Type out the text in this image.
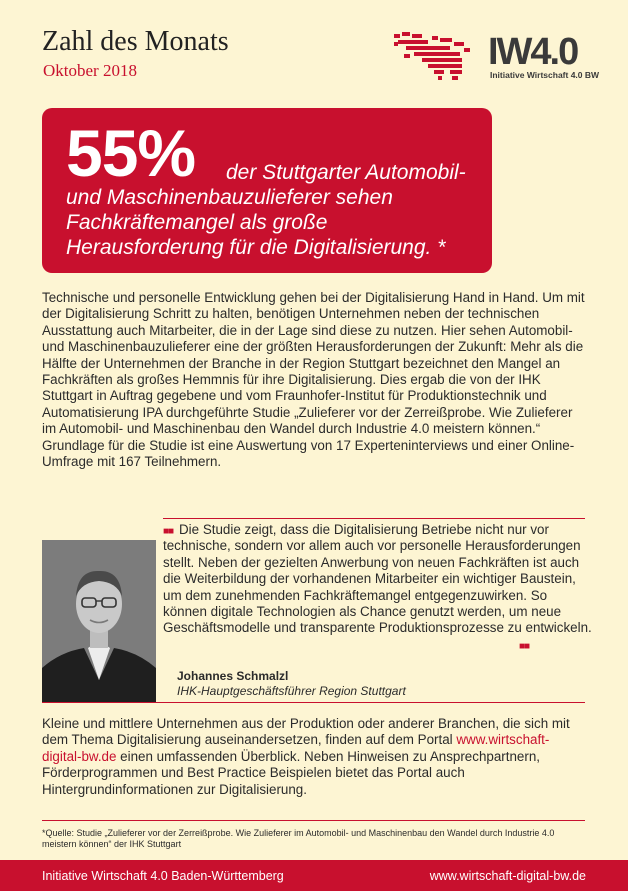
Zahl des Monats
Oktober 2018	IW4.0
Initiative Wirtschaft 4.0 BW
55%	der Stuttgarter Automobil- und Maschinenbauzulieferer sehen Fachkräftemangel als große Herausforderung für die Digitalisierung. *
Technische und personelle Entwicklung gehen bei der Digitalisierung Hand in Hand. Um mit der Digitalisierung Schritt zu halten, benötigen Unternehmen neben der technischen Ausstattung auch Mitarbeiter, die in der Lage sind diese zu nutzen. Hier sehen Automobil- und Maschinenbauzulieferer eine der größten Herausforderungen der Zukunft: Mehr als die Hälfte der Unternehmen der Branche in der Region Stuttgart bezeichnet den Mangel an Fachkräften als großes Hemmnis für ihre Digitalisierung. Dies ergab die von der IHK Stuttgart in Auftrag gegebene und vom Fraunhofer-Institut für Produktionstechnik und Automatisierung IPA durchgeführte Studie „Zulieferer vor der Zerreißprobe. Wie Zulieferer im Automobil- und Maschinenbau den Wandel durch Industrie 4.0 meistern können.“ Grundlage für die Studie ist eine Auswertung von 17 Experteninterviews und einer Online-Umfrage mit 167 Teilnehmern.
■■ Die Studie zeigt, dass die Digitalisierung Betriebe nicht nur vor technische, sondern vor allem auch vor personelle Herausforderungen stellt. Neben der gezielten Anwerbung von neuen Fachkräften ist auch die Weiterbildung der vorhandenen Mitarbeiter ein wichtiger Baustein, um dem zunehmenden Fachkräftemangel entgegenzuwirken. So können digitale Technologien als Chance genutzt werden, um neue Geschäftsmodelle und transparente Produktionsprozesse zu entwickeln.
■■
Johannes Schmalzl
IHK-Hauptgeschäftsführer Region Stuttgart
Kleine und mittlere Unternehmen aus der Produktion oder anderer Branchen, die sich mit dem Thema Digitalisierung auseinandersetzen, finden auf dem Portal www.wirtschaft-digital-bw.de einen umfassenden Überblick. Neben Hinweisen zu Ansprechpartnern, Förderprogrammen und Best Practice Beispielen bietet das Portal auch Hintergrundinformationen zur Digitalisierung.
*Quelle: Studie „Zulieferer vor der Zerreißprobe. Wie Zulieferer im Automobil- und Maschinenbau den Wandel durch Industrie 4.0 meistern können“ der IHK Stuttgart
Initiative Wirtschaft 4.0 Baden-Württemberg	www.wirtschaft-digital-bw.de
